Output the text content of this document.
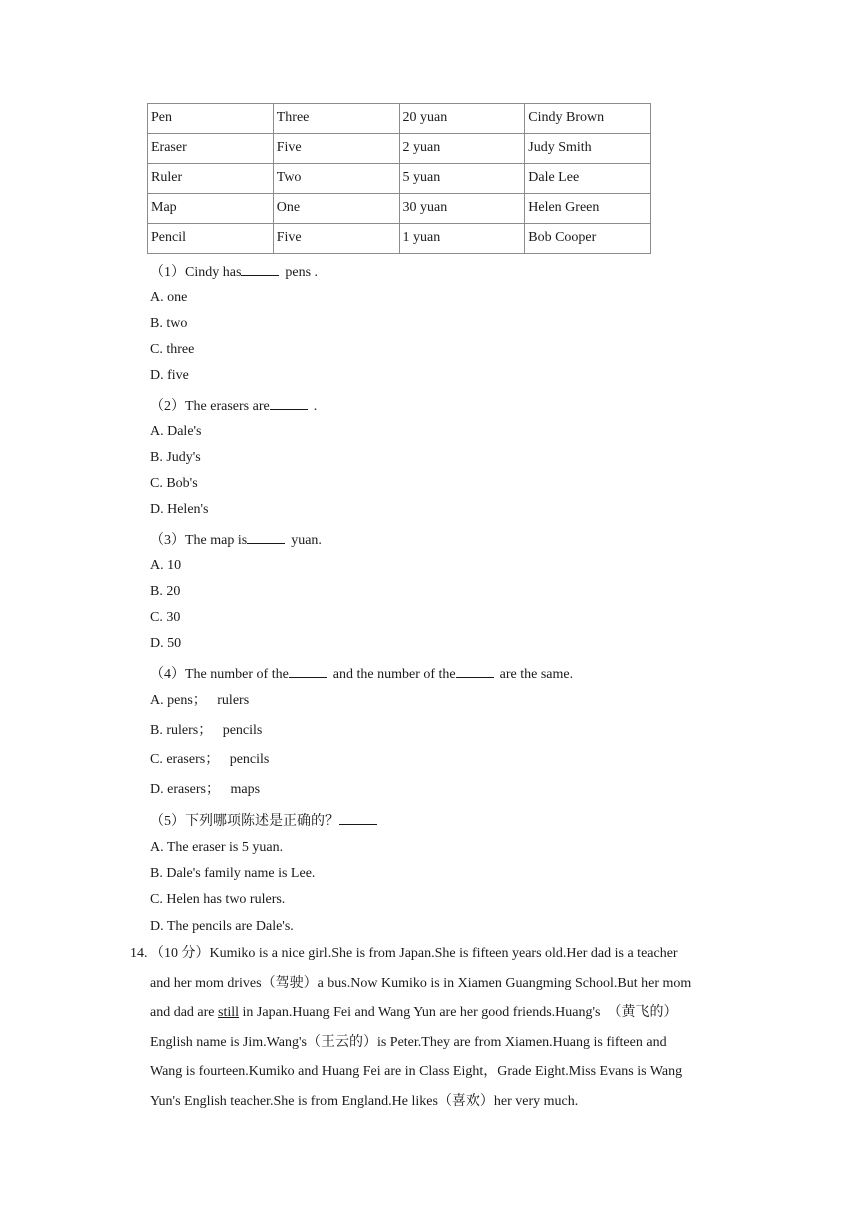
Pen	Three	20 yuan	Cindy Brown
Eraser	Five	2 yuan	Judy Smith
Ruler	Two	5 yuan	Dale Lee
Map	One	30 yuan	Helen Green
Pencil	Five	1 yuan	Bob Cooper
（1）Cindy has	pens .
A. one
B. two
C. three
D. five
（2）The erasers are	.
A. Dale's
B. Judy's
C. Bob's
D. Helen's
（3）The map is	yuan.
A. 10
B. 20
C. 30
D. 50
（4）The number of the	and the number of the	are the same.
A. pens；   rulers
B. rulers；   pencils
C. erasers；   pencils
D. erasers；   maps
（5）下列哪项陈述是正确的？
A. The eraser is 5 yuan.
B. Dale's family name is Lee.
C. Helen has two rulers.
D. The pencils are Dale's.
14. （10 分）Kumiko is a nice girl.She is from Japan.She is fifteen years old.Her dad is a teacher
and her mom drives（驾驶）a bus.Now Kumiko is in Xiamen Guangming School.But her mom
and dad are still in Japan.Huang Fei and Wang Yun are her good friends.Huang's  （黄飞的）
English name is Jim.Wang's（王云的）is Peter.They are from Xiamen.Huang is fifteen and
Wang is fourteen.Kumiko and Huang Fei are in Class Eight，Grade Eight.Miss Evans is Wang
Yun's English teacher.She is from England.He likes（喜欢）her very much.
